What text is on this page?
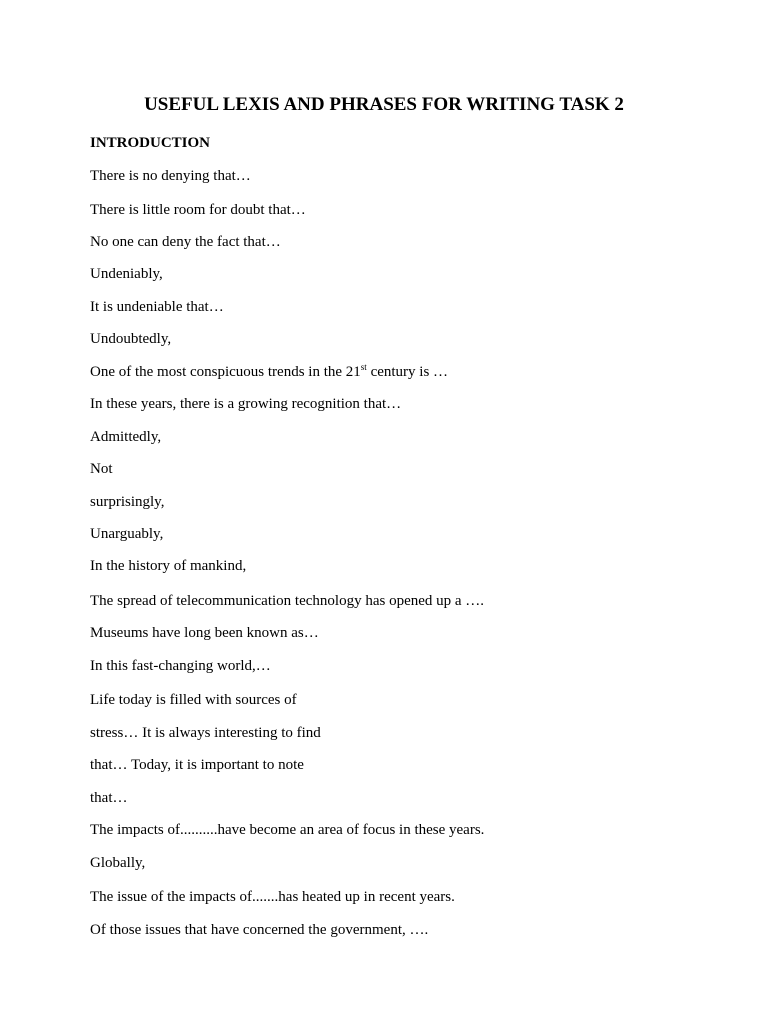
USEFUL LEXIS AND PHRASES FOR WRITING TASK 2
INTRODUCTION
There is no denying that…
There is little room for doubt that…
No one can deny the fact that…
Undeniably,
It is undeniable that…
Undoubtedly,
One of the most conspicuous trends in the 21st century is …
In these years, there is a growing recognition that…
Admittedly,
Not
surprisingly,
Unarguably,
In the history of mankind,
The spread of telecommunication technology has opened up a ….
Museums have long been known as…
In this fast-changing world,…
Life today is filled with sources of
stress… It is always interesting to find
that… Today, it is important to note
that…
The impacts of..........have become an area of focus in these years.
Globally,
The issue of the impacts of.......has heated up in recent years.
Of those issues that have concerned the government, ….
